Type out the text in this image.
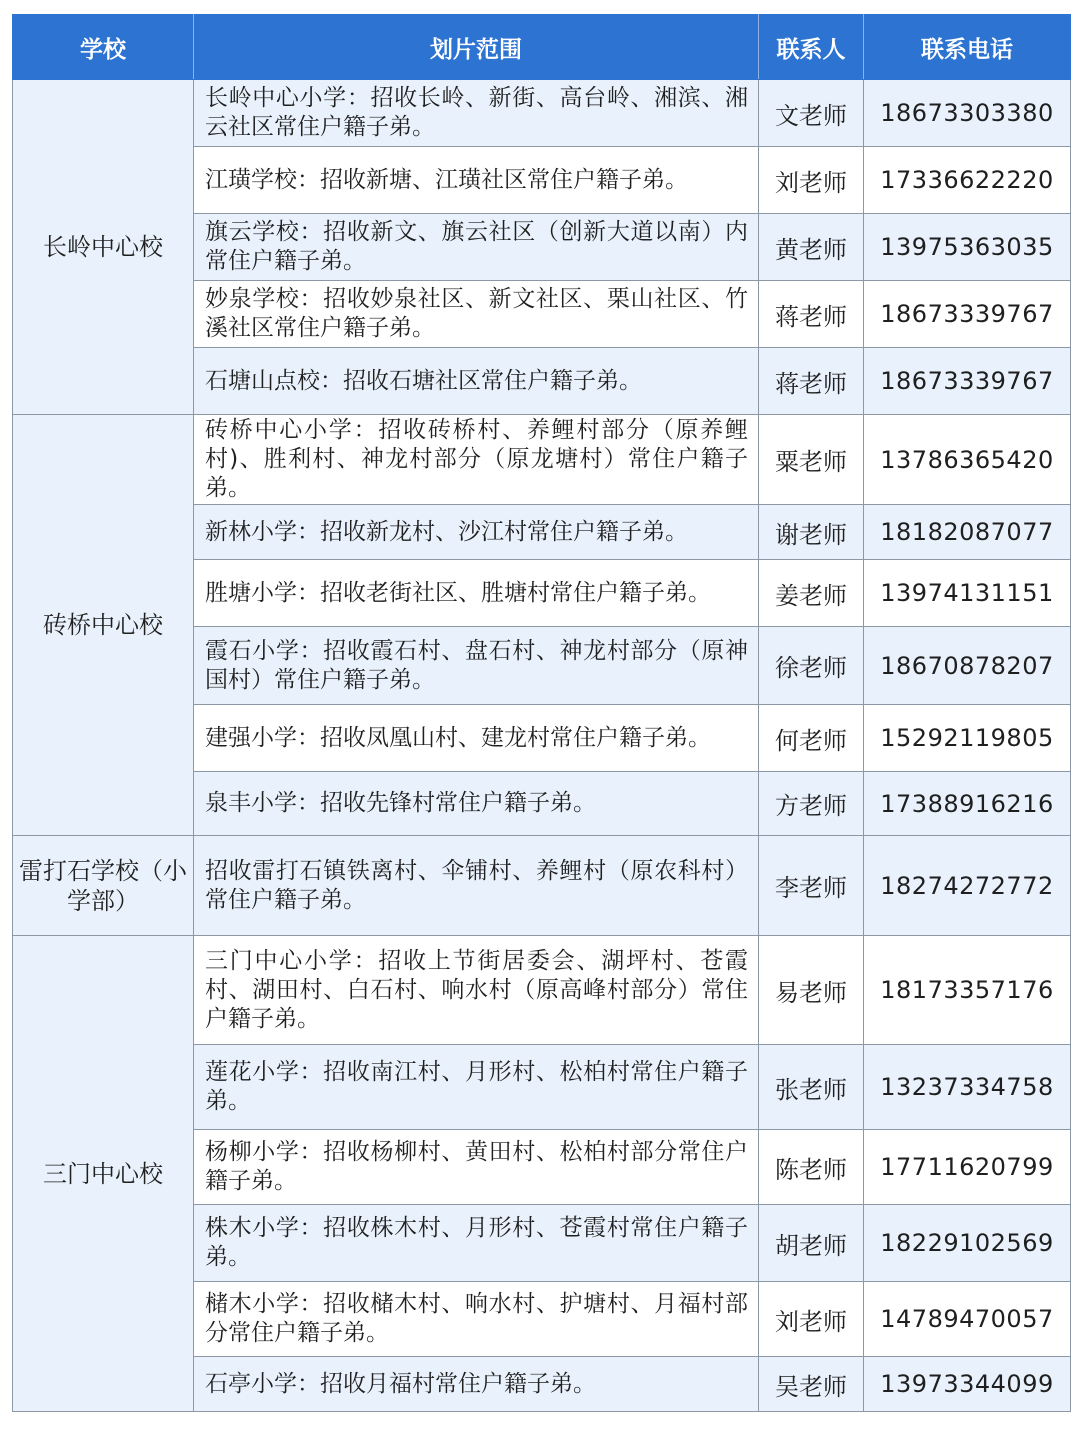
学校	划片范围	联系人	联系电话
长岭中心校	长岭中心小学：招收长岭、新街、高台岭、湘滨、湘云社区常住户籍子弟。	文老师	18673303380
	江璜学校：招收新塘、江璜社区常住户籍子弟。	刘老师	17336622220
	旗云学校：招收新文、旗云社区（创新大道以南）内常住户籍子弟。	黄老师	13975363035
	妙泉学校：招收妙泉社区、新文社区、栗山社区、竹溪社区常住户籍子弟。	蒋老师	18673339767
	石塘山点校：招收石塘社区常住户籍子弟。	蒋老师	18673339767
砖桥中心校	砖桥中心小学：招收砖桥村、养鲤村部分（原养鲤村)、胜利村、神龙村部分（原龙塘村）常住户籍子弟。	粟老师	13786365420
	新林小学：招收新龙村、沙江村常住户籍子弟。	谢老师	18182087077
	胜塘小学：招收老街社区、胜塘村常住户籍子弟。	姜老师	13974131151
	霞石小学：招收霞石村、盘石村、神龙村部分（原神国村）常住户籍子弟。	徐老师	18670878207
	建强小学：招收凤凰山村、建龙村常住户籍子弟。	何老师	15292119805
	泉丰小学：招收先锋村常住户籍子弟。	方老师	17388916216
雷打石学校（小学部）	招收雷打石镇铁离村、伞铺村、养鲤村（原农科村）常住户籍子弟。	李老师	18274272772
三门中心校	三门中心小学：招收上节街居委会、湖坪村、苍霞村、湖田村、白石村、响水村（原高峰村部分）常住户籍子弟。	易老师	18173357176
	莲花小学：招收南江村、月形村、松柏村常住户籍子弟。	张老师	13237334758
	杨柳小学：招收杨柳村、黄田村、松柏村部分常住户籍子弟。	陈老师	17711620799
	株木小学：招收株木村、月形村、苍霞村常住户籍子弟。	胡老师	18229102569
	槠木小学：招收槠木村、响水村、护塘村、月福村部分常住户籍子弟。	刘老师	14789470057
	石亭小学：招收月福村常住户籍子弟。	吴老师	13973344099
